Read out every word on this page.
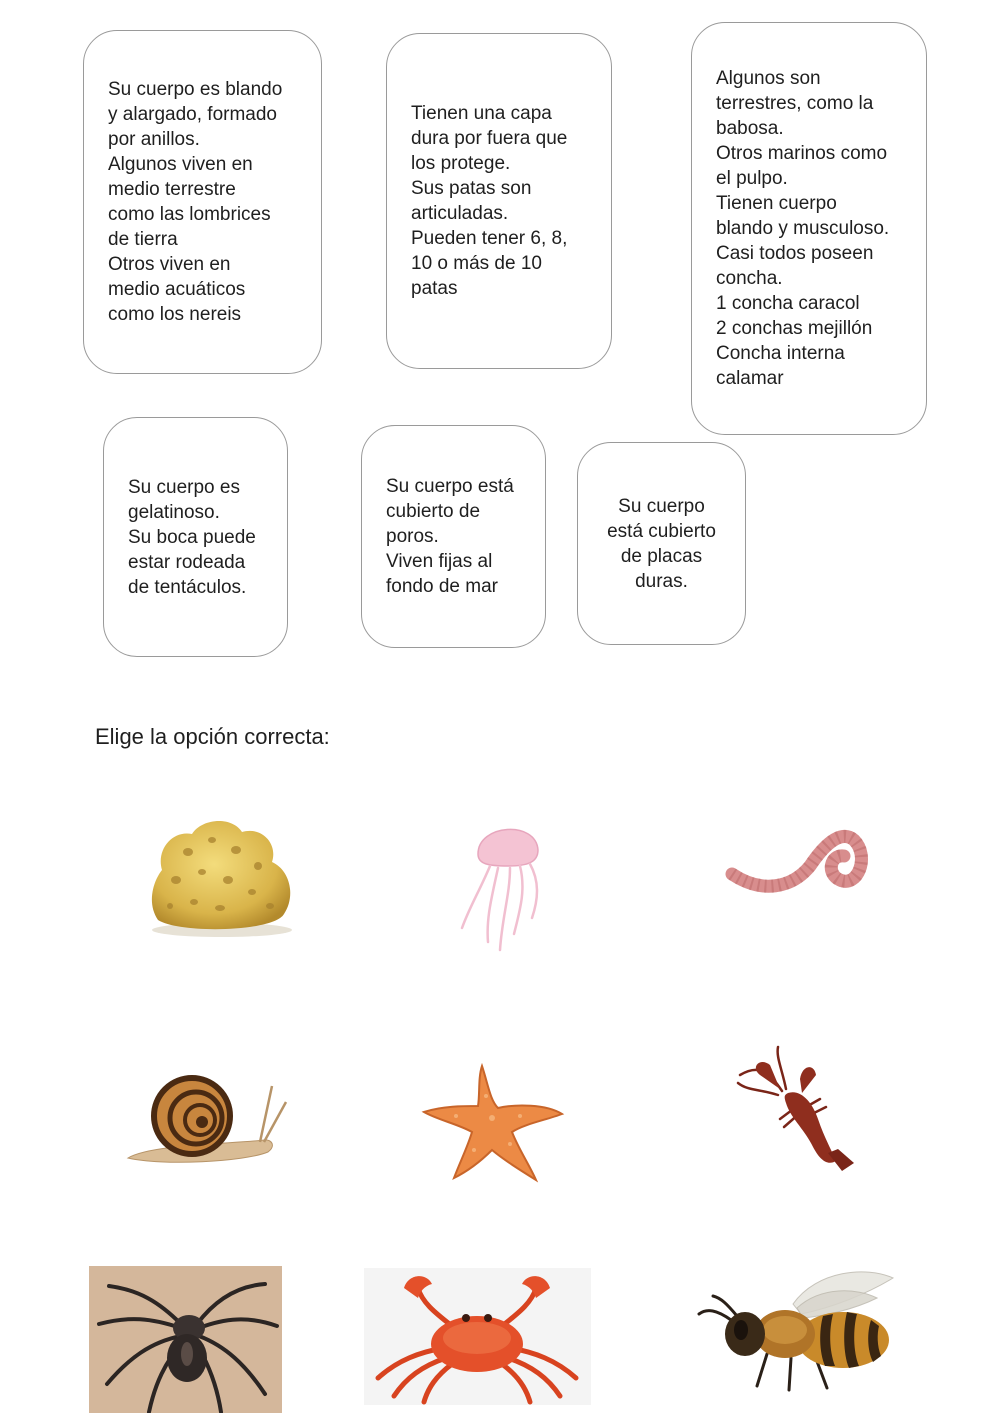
Su cuerpo es blando
y alargado, formado
por anillos.
Algunos viven en
medio terrestre
como las lombrices
de tierra
Otros viven en
medio acuáticos
como los nereis
Tienen una capa
dura por fuera que
los protege.
Sus patas son
articuladas.
Pueden tener 6, 8,
10 o más de 10
patas
Algunos son
terrestres, como la
babosa.
Otros marinos como
el pulpo.
Tienen cuerpo
blando y musculoso.
Casi todos poseen
concha.
1 concha caracol
2 conchas mejillón
Concha interna
calamar
Su cuerpo es
gelatinoso.
Su boca puede
estar rodeada
de tentáculos.
Su cuerpo está
cubierto de
poros.
Viven fijas al
fondo de mar
Su cuerpo
está cubierto
de placas
duras.
Elige la opción correcta:
